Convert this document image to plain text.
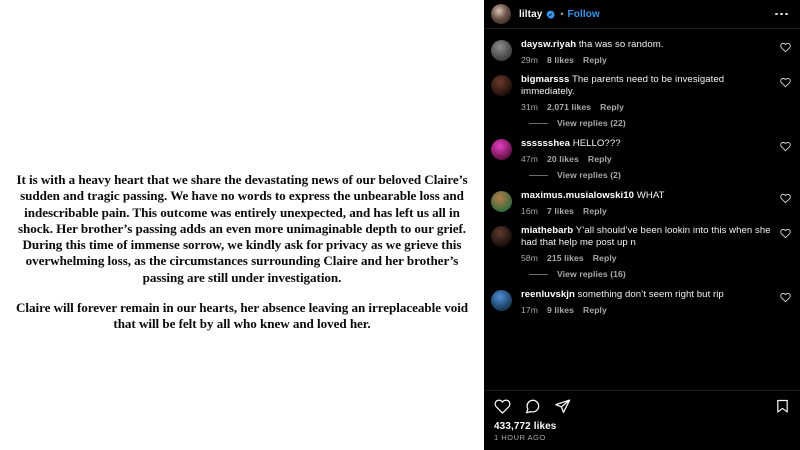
It is with a heavy heart that we share the devastating news of our beloved Claire’s sudden and tragic passing. We have no words to express the unbearable loss and indescribable pain. This outcome was entirely unexpected, and has left us all in shock. Her brother’s passing adds an even more unimaginable depth to our grief. During this time of immense sorrow, we kindly ask for privacy as we grieve this overwhelming loss, as the circumstances surrounding Claire and her brother’s passing are still under investigation.

Claire will forever remain in our hearts, her absence leaving an irreplaceable void that will be felt by all who knew and loved her.

liltay • Follow
daysw.riyah tha was so random.
29m 8 likes Reply
bigmarsss The parents need to be invesigated immediately.
31m 2,071 likes Reply
View replies (22)
sssssshea HELLO???
47m 20 likes Reply
View replies (2)
maximus.musialowski10 WHAT
16m 7 likes Reply
miathebarb Y’all should’ve been lookin into this when she had that help me post up n
58m 215 likes Reply
View replies (16)
reenluvskjn something don’t seem right but rip
17m 9 likes Reply
433,772 likes
1 HOUR AGO
